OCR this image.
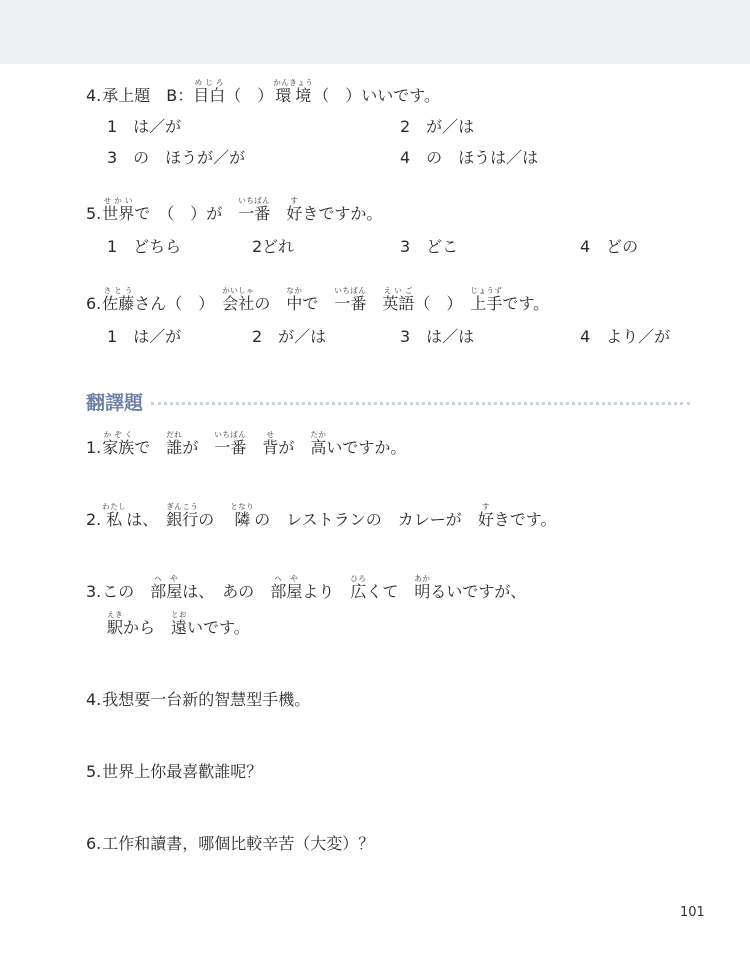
4. 承上題　B：目白めじろ（　）環境かんきょう（　）いいです。
1　は／が	2　が／は
3　の　ほうが／が	4　の　ほうは／は
5. 世界せかいで　（　）が　一番いちばん　好すきですか。
1　どちら	2どれ	3　どこ	4　どの
6. 佐藤さとうさん（　）　会社かいしゃの　中なかで　一番いちばん　英語えいご（　）　上手じょうずです。
1　は／が	2　が／は	3　は／は	4　より／が
翻譯題
1. 家族かぞくで　誰だれが　一番いちばん　背せが　高たかいですか。
2. 私わたしは、　銀行ぎんこうの　隣となりの　レストランの　カレーが　好すきです。
3. この　部屋へやは、　あの　部屋へやより　広ひろくて　明あかるいですが、
駅えきから　遠とおいです。
4. 我想要一台新的智慧型手機。
5. 世界上你最喜歡誰呢？
6. 工作和讀書，哪個比較辛苦（大変）？
101
